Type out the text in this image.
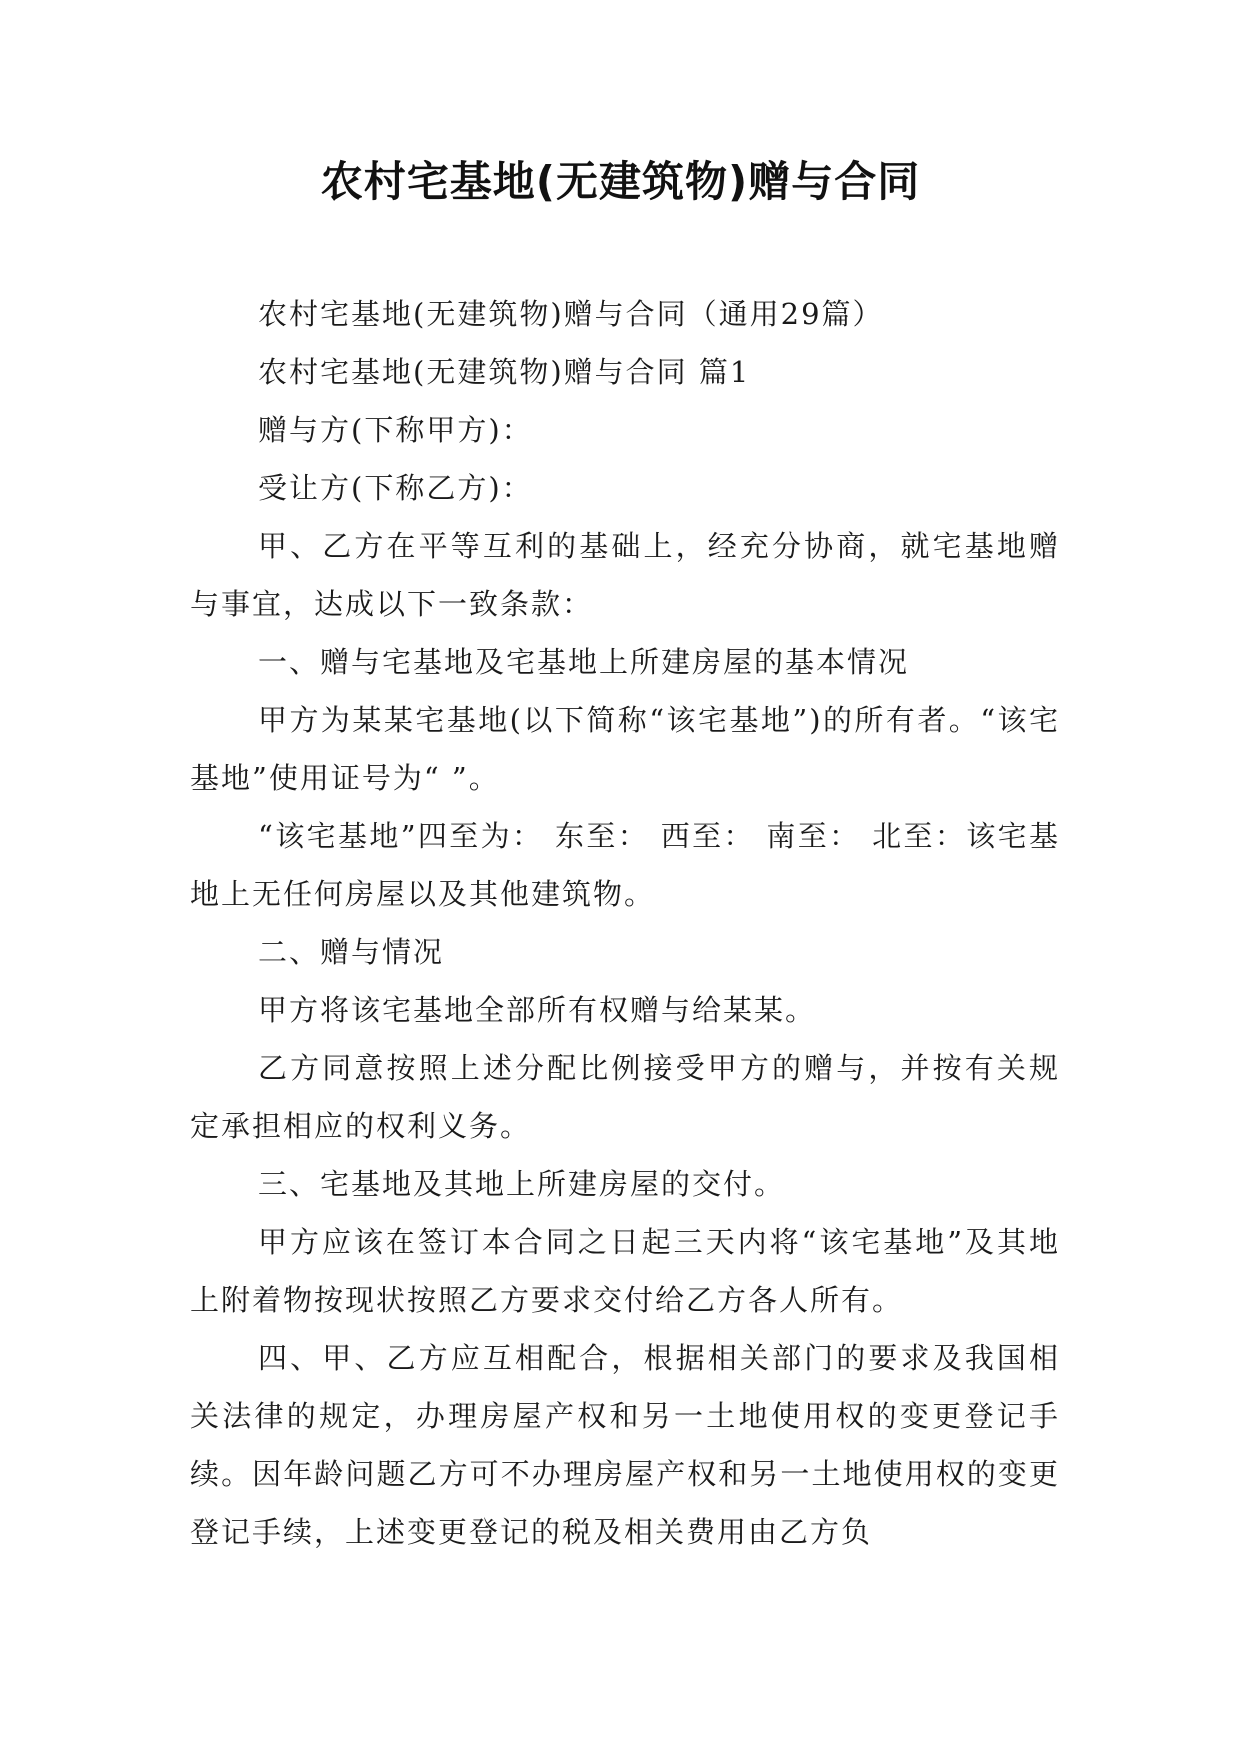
农村宅基地(无建筑物)赠与合同

农村宅基地(无建筑物)赠与合同（通用29篇）

农村宅基地(无建筑物)赠与合同 篇1

赠与方(下称甲方)：

受让方(下称乙方)：

甲、乙方在平等互利的基础上，经充分协商，就宅基地赠与事宜，达成以下一致条款：

一、赠与宅基地及宅基地上所建房屋的基本情况

甲方为某某宅基地(以下简称“该宅基地”)的所有者。“该宅基地”使用证号为“ ”。

“该宅基地”四至为： 东至： 西至： 南至： 北至：该宅基地上无任何房屋以及其他建筑物。

二、赠与情况

甲方将该宅基地全部所有权赠与给某某。

乙方同意按照上述分配比例接受甲方的赠与，并按有关规定承担相应的权利义务。

三、宅基地及其地上所建房屋的交付。

甲方应该在签订本合同之日起三天内将“该宅基地”及其地上附着物按现状按照乙方要求交付给乙方各人所有。

四、甲、乙方应互相配合，根据相关部门的要求及我国相关法律的规定，办理房屋产权和另一土地使用权的变更登记手续。因年龄问题乙方可不办理房屋产权和另一土地使用权的变更登记手续，上述变更登记的税及相关费用由乙方负
